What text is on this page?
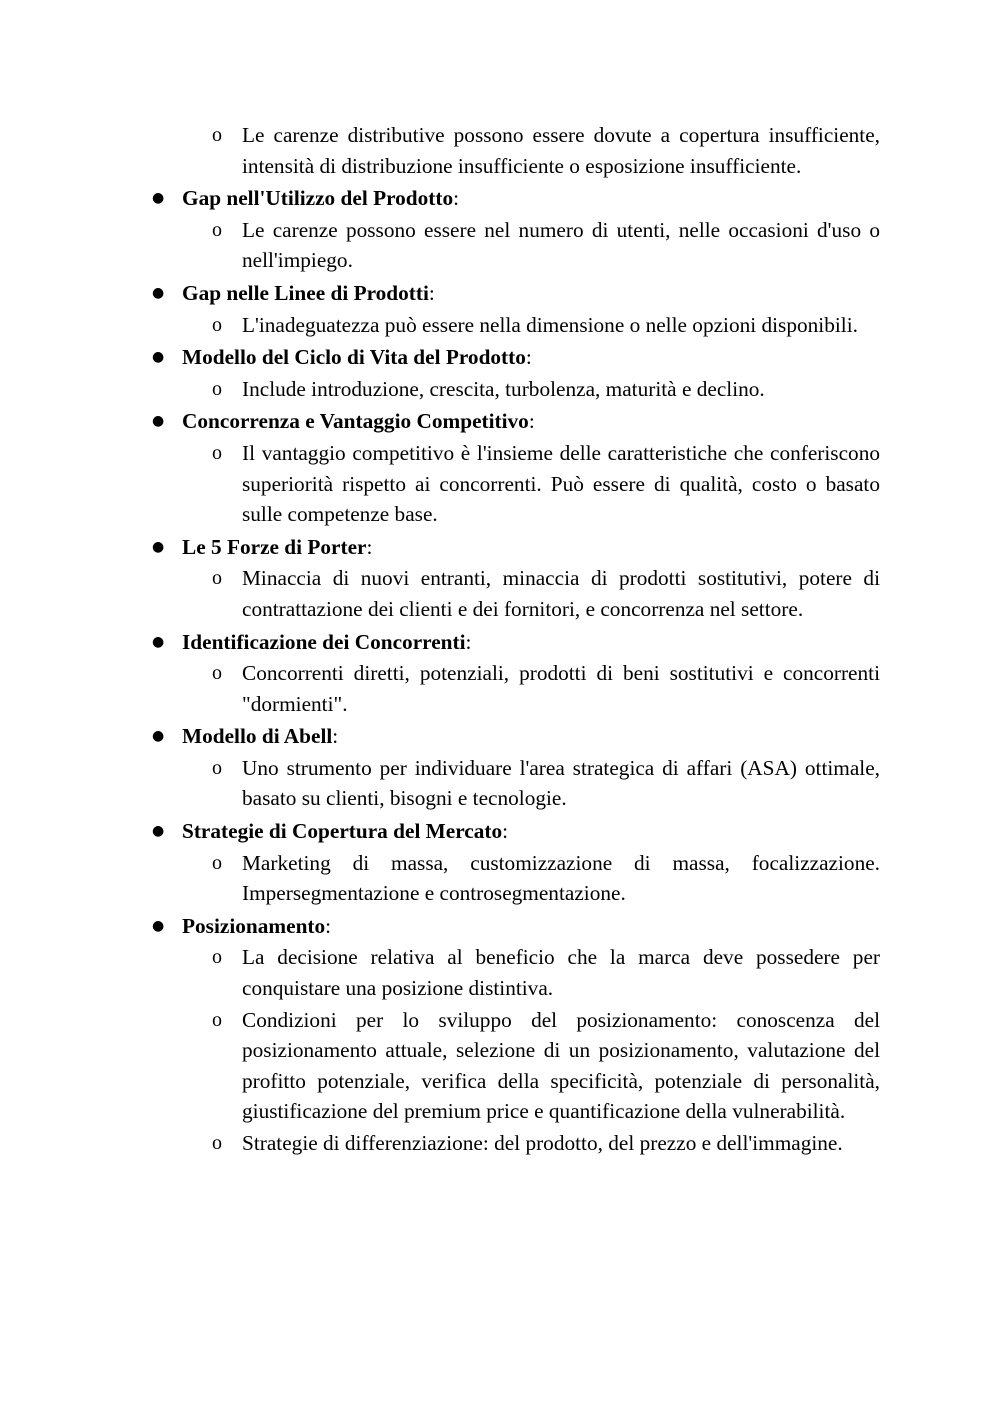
o Le carenze distributive possono essere dovute a copertura insufficiente, intensità di distribuzione insufficiente o esposizione insufficiente.
● Gap nell'Utilizzo del Prodotto:
o Le carenze possono essere nel numero di utenti, nelle occasioni d'uso o nell'impiego.
● Gap nelle Linee di Prodotti:
o L'inadeguatezza può essere nella dimensione o nelle opzioni disponibili.
● Modello del Ciclo di Vita del Prodotto:
o Include introduzione, crescita, turbolenza, maturità e declino.
● Concorrenza e Vantaggio Competitivo:
o Il vantaggio competitivo è l'insieme delle caratteristiche che conferiscono superiorità rispetto ai concorrenti. Può essere di qualità, costo o basato sulle competenze base.
● Le 5 Forze di Porter:
o Minaccia di nuovi entranti, minaccia di prodotti sostitutivi, potere di contrattazione dei clienti e dei fornitori, e concorrenza nel settore.
● Identificazione dei Concorrenti:
o Concorrenti diretti, potenziali, prodotti di beni sostitutivi e concorrenti "dormienti".
● Modello di Abell:
o Uno strumento per individuare l'area strategica di affari (ASA) ottimale, basato su clienti, bisogni e tecnologie.
● Strategie di Copertura del Mercato:
o Marketing di massa, customizzazione di massa, focalizzazione. Impersegmentazione e controsegmentazione.
● Posizionamento:
o La decisione relativa al beneficio che la marca deve possedere per conquistare una posizione distintiva.
o Condizioni per lo sviluppo del posizionamento: conoscenza del posizionamento attuale, selezione di un posizionamento, valutazione del profitto potenziale, verifica della specificità, potenziale di personalità, giustificazione del premium price e quantificazione della vulnerabilità.
o Strategie di differenziazione: del prodotto, del prezzo e dell'immagine.
